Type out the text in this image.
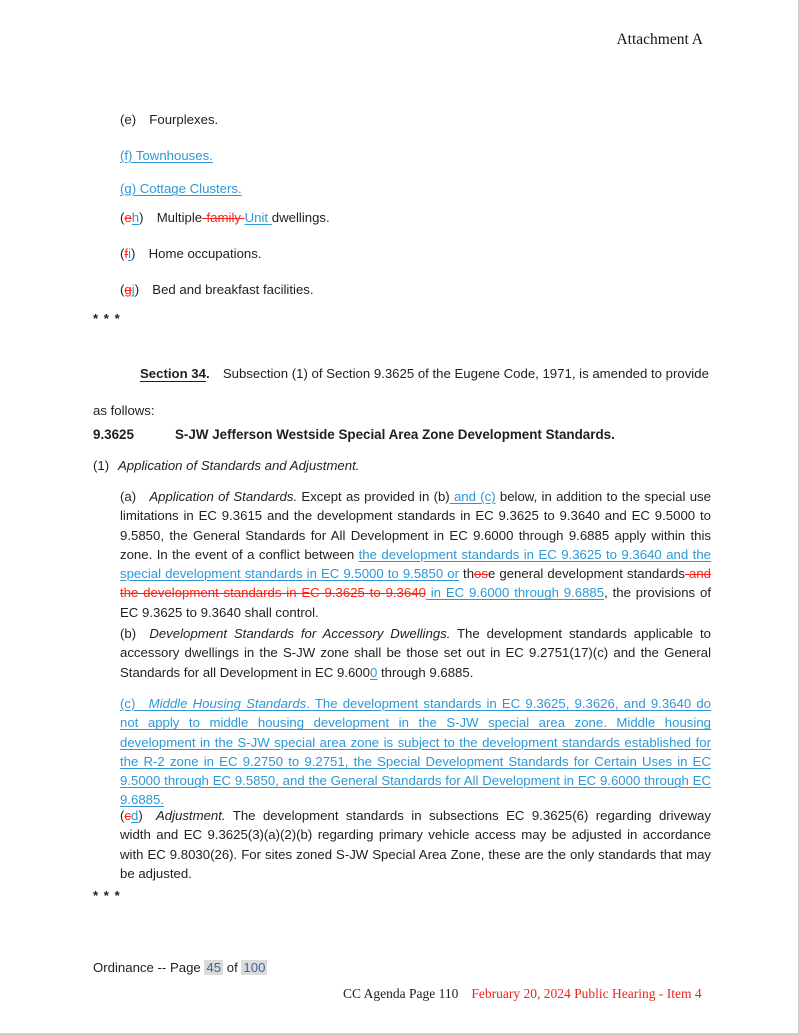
Attachment A
(e) Fourplexes.
(f) Townhouses.
(g) Cottage Clusters.
(eh) Multiple-family Unit dwellings.
(fi) Home occupations.
(gj) Bed and breakfast facilities.
* * *
Section 34. Subsection (1) of Section 9.3625 of the Eugene Code, 1971, is amended to provide as follows:
9.3625	S-JW Jefferson Westside Special Area Zone Development Standards.
(1) Application of Standards and Adjustment.
(a) Application of Standards. Except as provided in (b) and (c) below, in addition to the special use limitations in EC 9.3615 and the development standards in EC 9.3625 to 9.3640 and EC 9.5000 to 9.5850, the General Standards for All Development in EC 9.6000 through 9.6885 apply within this zone. In the event of a conflict between the development standards in EC 9.3625 to 9.3640 and the special development standards in EC 9.5000 to 9.5850 or those general development standards and the development standards in EC 9.3625 to 9.3640 in EC 9.6000 through 9.6885, the provisions of EC 9.3625 to 9.3640 shall control.
(b) Development Standards for Accessory Dwellings. The development standards applicable to accessory dwellings in the S-JW zone shall be those set out in EC 9.2751(17)(c) and the General Standards for all Development in EC 9.6000 through 9.6885.
(c) Middle Housing Standards. The development standards in EC 9.3625, 9.3626, and 9.3640 do not apply to middle housing development in the S-JW special area zone. Middle housing development in the S-JW special area zone is subject to the development standards established for the R-2 zone in EC 9.2750 to 9.2751, the Special Development Standards for Certain Uses in EC 9.5000 through EC 9.5850, and the General Standards for All Development in EC 9.6000 through EC 9.6885.
(cd) Adjustment. The development standards in subsections EC 9.3625(6) regarding driveway width and EC 9.3625(3)(a)(2)(b) regarding primary vehicle access may be adjusted in accordance with EC 9.8030(26). For sites zoned S-JW Special Area Zone, these are the only standards that may be adjusted.
* * *
Ordinance -- Page 45 of 100
CC Agenda Page 110 February 20, 2024 Public Hearing - Item 4
